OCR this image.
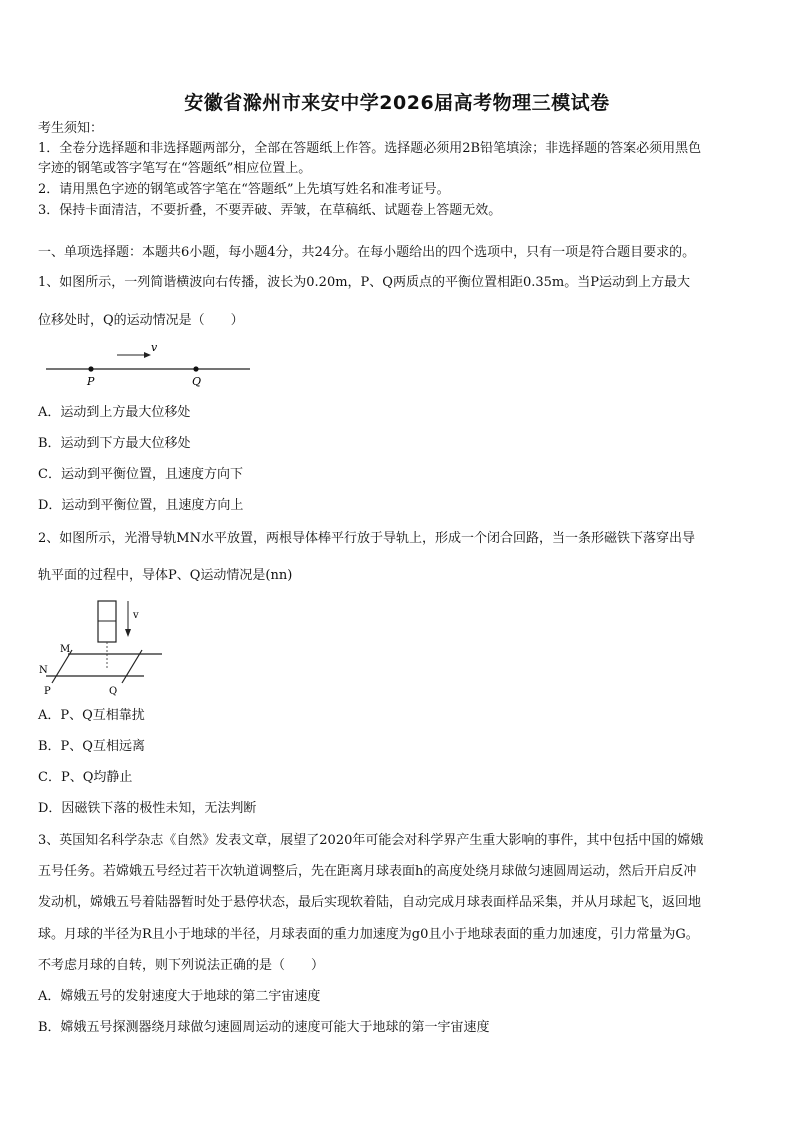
安徽省滁州市来安中学2026届高考物理三模试卷
考生须知：
1．全卷分选择题和非选择题两部分，全部在答题纸上作答。选择题必须用2B铅笔填涂；非选择题的答案必须用黑色
字迹的钢笔或答字笔写在“答题纸”相应位置上。
2．请用黑色字迹的钢笔或答字笔在“答题纸”上先填写姓名和准考证号。
3．保持卡面清洁，不要折叠，不要弄破、弄皱，在草稿纸、试题卷上答题无效。
一、单项选择题：本题共6小题，每小题4分，共24分。在每小题给出的四个选项中，只有一项是符合题目要求的。
1、如图所示，一列简谐横波向右传播，波长为0.20m，P、Q两质点的平衡位置相距0.35m。当P运动到上方最大
位移处时，Q的运动情况是（　　）
v
P	Q
A．运动到上方最大位移处
B．运动到下方最大位移处
C．运动到平衡位置，且速度方向下
D．运动到平衡位置，且速度方向上
2、如图所示，光滑导轨MN水平放置，两根导体棒平行放于导轨上，形成一个闭合回路，当一条形磁铁下落穿出导
轨平面的过程中，导体P、Q运动情况是(nn)
v
M
N
P	Q
A．P、Q互相靠扰
B．P、Q互相远离
C．P、Q均静止
D．因磁铁下落的极性未知，无法判断
3、英国知名科学杂志《自然》发表文章，展望了2020年可能会对科学界产生重大影响的事件，其中包括中国的嫦娥
五号任务。若嫦娥五号经过若干次轨道调整后，先在距离月球表面h的高度处绕月球做匀速圆周运动，然后开启反冲
发动机，嫦娥五号着陆器暂时处于悬停状态，最后实现软着陆，自动完成月球表面样品采集，并从月球起飞，返回地
球。月球的半径为R且小于地球的半径，月球表面的重力加速度为g0且小于地球表面的重力加速度，引力常量为G。
不考虑月球的自转，则下列说法正确的是（　　）
A．嫦娥五号的发射速度大于地球的第二宇宙速度
B．嫦娥五号探测器绕月球做匀速圆周运动的速度可能大于地球的第一宇宙速度
